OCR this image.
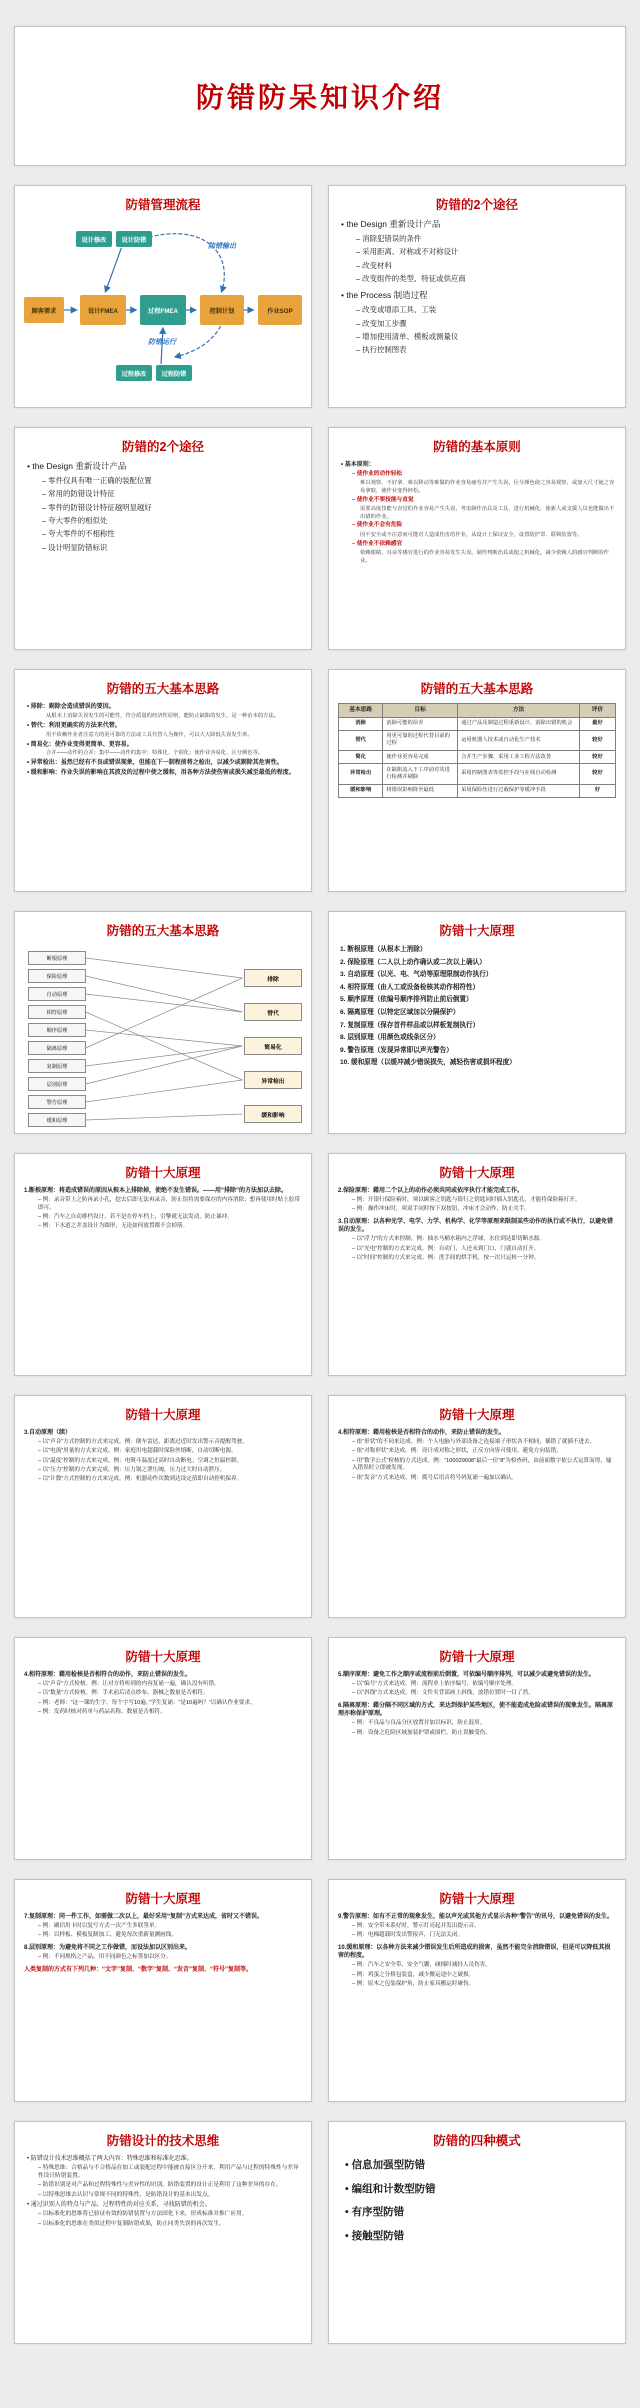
防错防呆知识介绍
防错管理流程
顾客需求
设计修改	设计防错
设计FMEA	过程FMEA	控制计划	作业SOP
过程修改	过程防错
防错输出
防错运行
防错的2个途径
• the Design 重新设计产品
– 消除犯错误的条件
– 采用距离、对称或不对称设计
– 改变材料
– 改变组件的类型、特征或供应商
• the Process 制造过程
– 改变或增添工具、工装
– 改变加工步骤
– 增加使用清单、模板或测量仪
– 执行控制图表
防错的2个途径
• the Design 重新设计产品
– 零件仅具有唯一正确的装配位置
– 常用的防错设计特征
– 零件的防错设计特征越明显越好
– 夸大零件的相似处
– 夸大零件的不相称性
– 设计明显防错标识
防错的基本原则
• 基本原则：
– 使作业的动作轻松
难以观察、不好拿、难以移动等难做的作业容易疲劳并产生失误。区分颜色使之容易观察，或加大尺寸使之容易拿取，使作业变得轻松。
– 使作业不要技能与直觉
需要高度技能与直觉的作业容易产生失误。考虑制作治具及工具、进行机械化，使新人或支援人员也能做出不出错的作业。
– 使作业不会有危险
因不安全或不注意而可能对人造成伤害的作业，从设计上保证安全，设置防护罩、联锁装置等。
– 使作业不依赖感官
依赖眼睛、耳朵等感官进行的作业容易发生失误。制作判断治具或使之机械化，减少依赖人的感官判断的作业。
防错的五大基本思路
• 排除：剔除会造成错误的要因。
从根本上消除失误发生的可能性，符合质量的经济性原则，能防止缺陷的发生，是一种治本的方法。
• 替代：利用更确实的方法来代替。
用不依赖作业者注意力的更可靠的方法或工具代替人为操作，可以大大降低失误发生率。
• 简易化：使作业变得更简单、更容易。
合并——动作的合并；集中——动作的集中；特殊化、个别化；使作业容易化、区分颜色等。
• 异常检出：虽然已经有不良或错误现象，但能在下一制程前将之检出，以减少或剔除其危害性。
• 缓和影响：作业失误的影响在其波及的过程中使之缓和，用各种方法使伤害或损失减至最低的程度。
防错的五大基本思路
基本思路	目标	方法	评价
消除	消除可能的误差	通过产品及制造过程重新设计，消除出错的机会	最好
替代	用更可靠的过程代替目前的过程	运用机器人技术或自动化生产技术	较好
简化	使作业更容易完成	合并生产步骤、采用工业工程方法改善	较好
异常检出	在缺陷流入下工序前对其进行检测并剔除	采用控制图表等监控手段与在线自动检测	较好
缓和影响	将错误影响降至最低	采用保险丝进行过载保护等缓冲手段	好
防错的五大基本思路
断根原理
保险原理
自动原理
相符原理
顺序原理
隔离原理
复制原理
层别原理
警告原理
缓和原理
排除
替代
简易化
异常检出
缓和影响
防错十大原理
1. 断根原理（从根本上消除）
2. 保险原理（二人以上动作确认或二次以上确认）
3. 自动原理（以光、电、气动等原理限制动作执行）
4. 相符原理（由人工或设备检核其动作相符性）
5. 顺序原理（依编号顺序排列防止前后倒置）
6. 隔离原理（以特定区域加以分隔保护）
7. 复制原理（保存首件样品或以样板复制执行）
8. 层别原理（用颜色或线条区分）
9. 警告原理（发现异常即以声光警告）
10. 缓和原理（以缓冲减少错误损失，减轻伤害或损坏程度）
防错十大原理
1.断根原理：将造成错误的原因从根本上排除掉，使绝不发生错误。——用“排除”的方法加以去除。
– 例：录音带上之防再录小孔，挖去后即无法再录音，防止误将需要保存的内容消除；想再使用时贴上胶带即可。
– 例：汽车之自动排档设计，若不是在停车档上，引擎就无法发动，防止暴冲。
– 例：下水道之井盖设计为圆形，无论如何放置都不会掉落。
防错十大原理
2.保险原理：藉用二个以上的动作必须共同或依序执行才能完成工作。
– 例：开银行保险箱时，须以顾客之钥匙与银行之钥匙同时插入钥匙孔，才能将保险箱打开。
– 例：操作冲床时，须双手同时按下双按钮，冲床才会动作，防止夹手。
3.自动原理：以各种光学、电学、力学、机构学、化学等原理来限制某些动作的执行或不执行，以避免错误的发生。
– 以“浮力”的方式来控制。例：抽水马桶水箱内之浮球，水位到达即切断水源。
– 以“光电”控制的方式来完成。例：自动门，人还未到门口，门就自动打开。
– 以“时间”控制的方式来完成。例：洗手间的烘手机，按一次只运转一分钟。
防错十大原理
3.自动原理（续）
– 以“声音”方式控制的方式来完成。例：倒车雷达，距离过近时发出警示音提醒驾驶。
– 以“电流”用量的方式来完成。例：家庭用电超载时保险丝熔断，自动切断电源。
– 以“温度”控制的方式来完成。例：电熨斗温度过高时自动断电；空调之恒温控制。
– 以“压力”控制的方式来完成。例：压力锅之泄压阀，压力过大时自动泄压。
– 以“计数”方式控制的方式来完成。例：机器动作次数到达设定值即自动停机保养。
防错十大原理
4.相符原理：藉用检核是否相符合的动作，来防止错误的发生。
– 依“形状”的不同来达成。例：个人电脑与外部设备之连接端子形状各不相同，插错了就插不进去。
– 依“对称形状”来达成。例：设计成对称之形状，正反方向皆可使用，避免方向装错。
– 用“数学公式”检核的方式达成。例：“100029608”最后一位“8”为检查码，由前面数字依公式运算而得，输入错误时立即被发现。
– 依“发音”方式来达成。例：拨号后语音将号码复诵一遍加以确认。
防错十大原理
4.相符原理：藉用检核是否相符合的动作，来防止错误的发生。
– 以“声音”方式检核。例：让对方将听到的内容复诵一遍，确认没有听错。
– 以“数量”方式检核。例：手术前后清点纱布、器械之数量是否相符。
– 例：老师：“这一课的生字，每个字写10遍。”学生复诵：“是10遍吗？”以确认作业要求。
– 例：发药时核对药单与药品名称、数量是否相符。
防错十大原理
5.顺序原理：避免工作之顺序或流程前后倒置，可依编号顺序排列，可以减少或避免错误的发生。
– 以“编号”方式来达成。例：流程单上依序编号，依编号顺序处理。
– 以“斜线”方式来达成。例：文件夹背部画上斜线，放错位置时一目了然。
6.隔离原理：藉分隔不同区域的方式，来达到保护某些地区，使不能造成危险或错误的现象发生。隔离原理亦称保护原理。
– 例：不良品与良品分区放置并加以标识，防止混用。
– 例：设备之危险区域加装护罩或围栏，防止误触受伤。
防错十大原理
7.复制原理：同一件工作，如需做二次以上，最好采用“复制”方式来达成，省时又不错误。
– 例：刷信用卡时以复写方式一次产生多联签单。
– 例：以样板、模板复制加工，避免每次重新量测画线。
8.层别原理：为避免将不同之工作做错，而设法加以区别出来。
– 例：不同规格之产品，用不同颜色之标签加以区分。
人类复制的方式有下列几种：“文字”复制、“数字”复制、“发音”复制、“符号”复制等。
防错十大原理
9.警告原理：如有不正常的现象发生，能以声光或其他方式显示各种“警告”的讯号，以避免错误的发生。
– 例：安全带未系好时，警示灯亮起并发出提示音。
– 例：电梯超载时发出警报声，门无法关闭。
10.缓和原理：以各种方法来减少错误发生后所造成的损害，虽然不能完全消除错误，但是可以降低其损害的程度。
– 例：汽车之安全带、安全气囊，碰撞时减轻人员伤害。
– 例：鸡蛋之分格包装盒，减少搬运途中之破损。
– 例：原木之包装保护角，防止家具搬运时碰伤。
防错设计的技术思维
• 防错设计技术思维概括了两大内容：特殊思维和标准化思维。
– 特殊思维：合格品与不合格品在加工或装配过程中能被直接区分开来，利用产品与过程的特殊性与差异性设计防错装置。
– 防错识别是对产品和过程特殊性与差异性的识别，防错装置的设计正是利用了这种差异的存在。
– 以特殊思维去认识与常规不同的特殊性，是防错设计的基本出发点。
• 通过识别人的特点与产品、过程特性的对应关系，寻找防错的机会。
– 以标准化的思维将已验证有效的防错装置与方法固化下来，形成标准并推广应用。
– 以标准化的思维在类似过程中复制防错成果，防止同类失误的再次发生。
防错的四种模式
• 信息加强型防错
• 编组和计数型防错
• 有序型防错
• 接触型防错
